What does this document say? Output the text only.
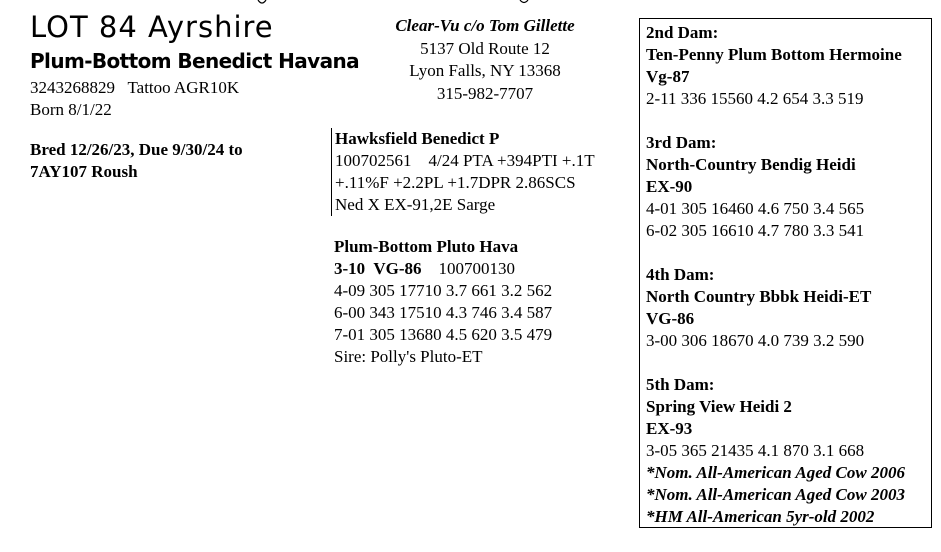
LOT 84 Ayrshire
Plum-Bottom Benedict Havana
3243268829 Tattoo AGR10K
Born 8/1/22
Bred 12/26/23, Due 9/30/24 to
7AY107 Roush
Clear-Vu c/o Tom Gillette
5137 Old Route 12
Lyon Falls, NY 13368
315-982-7707
Hawksfield Benedict P
100702561    4/24 PTA +394PTI +.1T
+.11%F +2.2PL +1.7DPR 2.86SCS
Ned X EX-91,2E Sarge
Plum-Bottom Pluto Hava
3-10  VG-86 100700130
4-09 305 17710 3.7 661 3.2 562
6-00 343 17510 4.3 746 3.4 587
7-01 305 13680 4.5 620 3.5 479
Sire: Polly's Pluto-ET
2nd Dam:
Ten-Penny Plum Bottom Hermoine
Vg-87
2-11 336 15560 4.2 654 3.3 519
3rd Dam:
North-Country Bendig Heidi
EX-90
4-01 305 16460 4.6 750 3.4 565
6-02 305 16610 4.7 780 3.3 541
4th Dam:
North Country Bbbk Heidi-ET
VG-86
3-00 306 18670 4.0 739 3.2 590
5th Dam:
Spring View Heidi 2
EX-93
3-05 365 21435 4.1 870 3.1 668
*Nom. All-American Aged Cow 2006
*Nom. All-American Aged Cow 2003
*HM All-American 5yr-old 2002
